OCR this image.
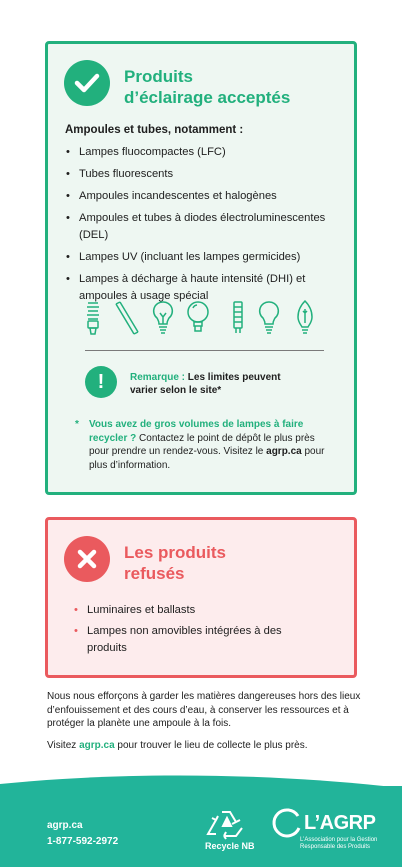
Produits
d’éclairage acceptés
Ampoules et tubes, notamment :
• Lampes fluocompactes (LFC)
• Tubes fluorescents
• Ampoules incandescentes et halogènes
• Ampoules et tubes à diodes électroluminescentes (DEL)
• Lampes UV (incluant les lampes germicides)
• Lampes à décharge à haute intensité (DHI) et ampoules à usage spécial
!	Remarque : Les limites peuvent varier selon le site*
*	Vous avez de gros volumes de lampes à faire recycler ? Contactez le point de dépôt le plus près pour prendre un rendez-vous. Visitez le agrp.ca pour plus d’information.
Les produits
refusés
• Luminaires et ballasts
• Lampes non amovibles intégrées à des produits

Nous nous efforçons à garder les matières dangereuses hors des lieux d’enfouissement et des cours d’eau, à conserver les ressources et à protéger la planète une ampoule à la fois.

Visitez agrp.ca pour trouver le lieu de collecte le plus près.

agrp.ca
1-877-592-2972	Recycle NB
L’AGRP
L’Association pour la Gestion Responsable des Produits
